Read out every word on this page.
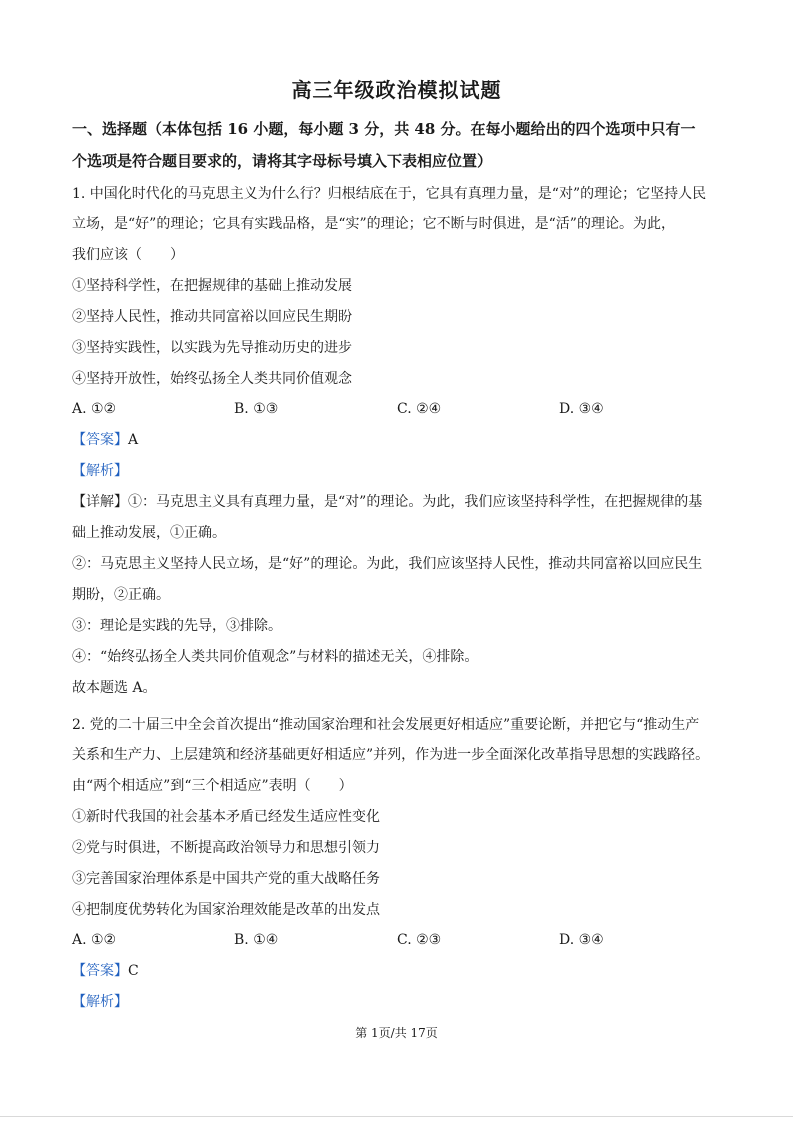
高三年级政治模拟试题
一、选择题（本体包括 16 小题，每小题 3 分，共 48 分。在每小题给出的四个选项中只有一
个选项是符合题目要求的，请将其字母标号填入下表相应位置）
1. 中国化时代化的马克思主义为什么行？归根结底在于，它具有真理力量，是“对”的理论；它坚持人民
立场，是“好”的理论；它具有实践品格，是“实”的理论；它不断与时俱进，是“活”的理论。为此，
我们应该（　　）
①坚持科学性，在把握规律的基础上推动发展
②坚持人民性，推动共同富裕以回应民生期盼
③坚持实践性，以实践为先导推动历史的进步
④坚持开放性，始终弘扬全人类共同价值观念
A. ①②	B. ①③	C. ②④	D. ③④
【答案】A
【解析】
【详解】①：马克思主义具有真理力量，是“对”的理论。为此，我们应该坚持科学性，在把握规律的基
础上推动发展，①正确。
②：马克思主义坚持人民立场，是“好”的理论。为此，我们应该坚持人民性，推动共同富裕以回应民生
期盼，②正确。
③：理论是实践的先导，③排除。
④：“始终弘扬全人类共同价值观念”与材料的描述无关，④排除。
故本题选 A。
2. 党的二十届三中全会首次提出“推动国家治理和社会发展更好相适应”重要论断，并把它与“推动生产
关系和生产力、上层建筑和经济基础更好相适应”并列，作为进一步全面深化改革指导思想的实践路径。
由“两个相适应”到“三个相适应”表明（　　）
①新时代我国的社会基本矛盾已经发生适应性变化
②党与时俱进，不断提高政治领导力和思想引领力
③完善国家治理体系是中国共产党的重大战略任务
④把制度优势转化为国家治理效能是改革的出发点
A. ①②	B. ①④	C. ②③	D. ③④
【答案】C
【解析】
第 1页/共 17页
